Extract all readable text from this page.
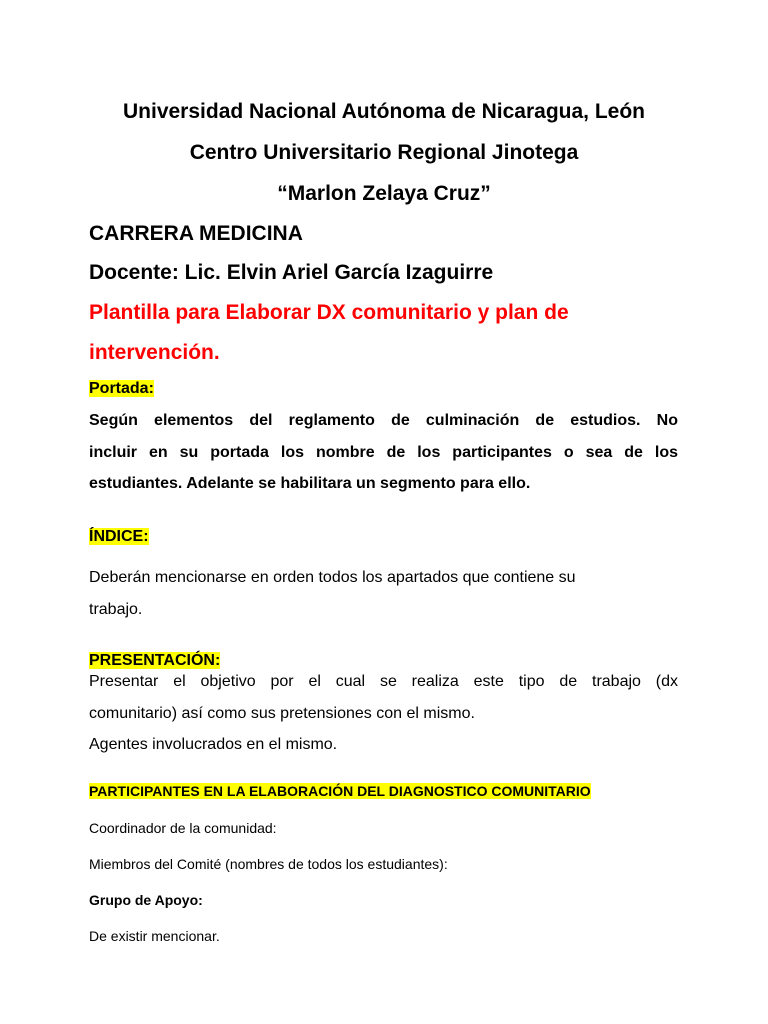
Universidad Nacional Autónoma de Nicaragua, León

Centro Universitario Regional Jinotega

“Marlon Zelaya Cruz”

CARRERA MEDICINA

Docente: Lic. Elvin Ariel García Izaguirre

Plantilla para Elaborar DX comunitario y plan de

intervención.

Portada:

Según elementos del reglamento de culminación de estudios. No
incluir en su portada los nombre de los participantes o sea de los
estudiantes. Adelante se habilitara un segmento para ello.

ÍNDICE:

Deberán mencionarse en orden todos los apartados que contiene su
trabajo.

PRESENTACIÓN:

Presentar el objetivo por el cual se realiza este tipo de trabajo (dx
comunitario) así como sus pretensiones con el mismo.
Agentes involucrados en el mismo.

PARTICIPANTES EN LA ELABORACIÓN DEL DIAGNOSTICO COMUNITARIO

Coordinador de la comunidad:

Miembros del Comité (nombres de todos los estudiantes):

Grupo de Apoyo:

De existir mencionar.
